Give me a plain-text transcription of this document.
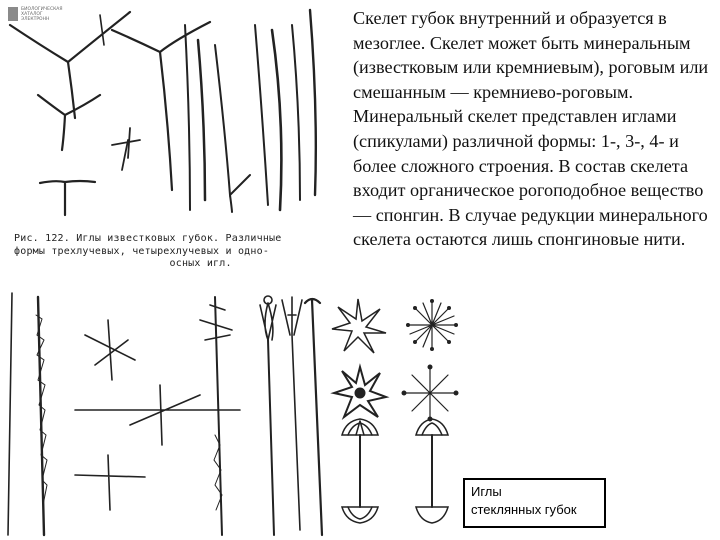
БИОЛОГИЧЕСКАЯ
ХАТАЛОГ
ЭЛЕКТРОНН
Рис. 122. Иглы известковых губок. Различные
формы трехлучевых, четырехлучевых и одно-
осных игл.

Скелет губок внутренний и образуется в мезоглее. Скелет может быть минеральным (известковым или кремниевым), роговым или смешанным — кремниево-роговым. Минеральный скелет представлен иглами (спикулами) различной формы: 1-, 3-, 4- и более сложного строения. В состав скелета входит органическое рогоподобное вещество — спонгин. В случае редукции минерального скелета остаются лишь спонгиновые нити.

Иглы
стеклянных губок
